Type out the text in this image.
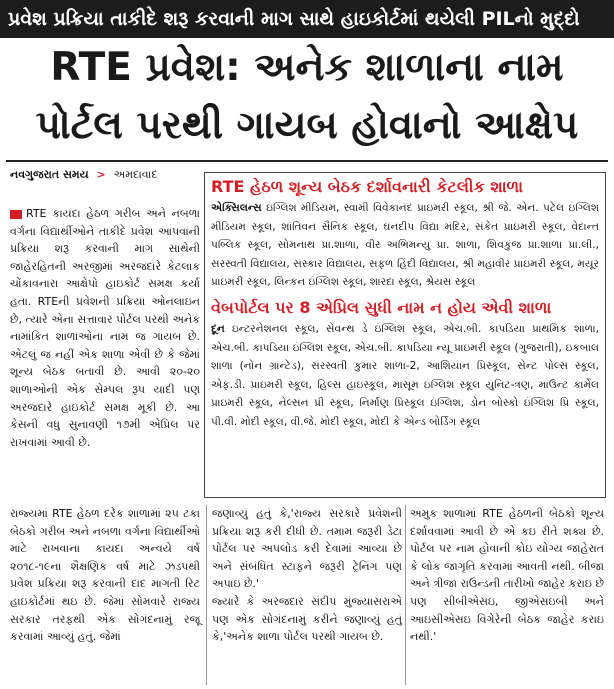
પ્રવેશ પ્રક્રિયા તાકીદે શરૂ કરવાની માગ સાથે હાઇકોર્ટમાં થયેલી PILનો મુદ્દો
RTE પ્રવેશ: અનેક શાળાના નામ
પોર્ટલ પરથી ગાયબ હોવાનો આક્ષેપ
નવગુજરાત સમય > અમદાવાદ

RTE કાયદા હેઠળ ગરીબ અને નબળા વર્ગના વિદ્યાર્થીઓને તાકીદે પ્રવેશ આપવાની પ્રક્રિયા શરૂ કરવાની માગ સાથેની જાહેરહિતની અરજીમાં અરજદારે કેટલાક ચોંકાવનારા આક્ષેપો હાઇકોર્ટ સમક્ષ કર્યા હતા. RTEની પ્રવેશની પ્રક્રિયા ઓનલાઇન છે, ત્યારે એના સત્તાવાર પોર્ટલ પરથી અનેક નામાંકિત શાળાઓના નામ જ ગાયબ છે. એટલું જ નહીં એક શાળા એવી છે કે જેમાં શૂન્ય બેઠક બતાવી છે. આવી ૨૦-૨૦ શાળાઓની એક સેમ્પલ રૂપ યાદી પણ અરજદારે હાઇકોર્ટ સમક્ષ મૂકી છે. આ કેસની વધુ સુનાવણી ૧૭મી એપ્રિલ પર રાખવામાં આવી છે.

RTE હેઠળ શૂન્ય બેઠક દર્શાવનારી કેટલીક શાળા
એક્સિલન્સ ઇંગ્લિશ મીડિયમ, સ્વામી વિવેકાનંદ પ્રાઇમરી સ્કૂલ, શ્રી જે. એન. પટેલ ઇંગ્લિશ મીડિયમ સ્કૂલ, શાંતિવન સૈનિક સ્કૂલ, ઘનદીપ વિદ્યા મંદિર, સંકેત પ્રાઇમરી સ્કૂલ, વેદાન્ત પબ્લિક સ્કૂલ, સોમનાથ પ્રા.શાળા, વીર અભિમન્યુ પ્રા. શાળા, શિવકુંજ પ્રા.શાળા પ્રા.લી., સરસ્વતી વિદ્યાલય, સંસ્કાર વિદ્યાલય, સફળ હિંદી વિદ્યાલય, શ્રી મહાવીર પ્રાઇમરી સ્કૂલ, મયૂર પ્રાઇમરી સ્કૂલ, લિન્કન ઇંગ્લિશ સ્કૂલ, શારદા સ્કૂલ, શ્રેયસ સ્કૂલ
વેબપોર્ટલ પર 8 એપ્રિલ સુધી નામ ન હોય એવી શાળા
દૂન ઇન્ટરનેશનલ સ્કૂલ, સેવન્થ ડે ઇંગ્લિશ સ્કૂલ, એચ.બી. કાપડિયા પ્રાથમિક શાળા, એચ.બી. કાપડિયા ઇંગ્લિશ સ્કૂલ, એચ.બી. કાપડિયા ન્યૂ પ્રાઇમરી સ્કૂલ (ગુજરાતી), ઇકબાલ શાળા (નોન ગ્રાન્ટેડ), સરસ્વતી કુમાર શાળા-2, આશિયાન પ્રિસ્કૂલ, સેન્ટ પોલ્સ સ્કૂલ, એફ.ડી. પ્રાઇમરી સ્કૂલ, હિલ્સ હાઇસ્કૂલ, માસૂમ ઇંગ્લિશ સ્કૂલ યુનિટ-ત્રણ, માઉન્ટ કાર્મેલ પ્રાઇમરી સ્કૂલ, નેલ્સન પ્રી સ્કૂલ, નિર્માણ પ્રિસ્કૂલ ઇંગ્લિશ, ડોન બોસ્કો ઇંગ્લિશ પ્રિ સ્કૂલ, પી.વી. મોદી સ્કૂલ, વી.જે. મોદી સ્કૂલ, મોદી કે એન્ડ બોર્ડિંગ સ્કૂલ

રાજ્યમાં RTE હેઠળ દરેક શાળામાં ૨૫ ટકા બેઠકો ગરીબ અને નબળા વર્ગના વિદ્યાર્થીઓ માટે રાખવાના કાયદા અન્વયે વર્ષ ૨૦૧૮-૧૯ના શૈક્ષણિક વર્ષ માટે ઝડપથી પ્રવેશ પ્રક્રિયા શરૂ કરવાની દાદ માગતી રિટ હાઇકોર્ટમાં થઇ છે. જેમાં સોમવારે રાજ્ય સરકાર તરફથી એક સોગંદનામું રજૂ કરવામાં આવ્યું હતું. જેમાં

જણાવ્યું હતું કે,'રાજ્ય સરકારે પ્રવેશની પ્રક્રિયા શરૂ કરી દીધી છે. તમામ જરૂરી ડેટા પોર્ટલ પર અપલોડ કરી દેવામાં આવ્યા છે અને સંબંધિત સ્ટાફને જરૂરી ટ્રેનિંગ પણ અપાઇ છે.'

જ્યારે કે અરજદાર સંદીપ મુંજ્યાસરાએ પણ એક સોગંદનામું કરીને જણાવ્યું હતું કે,'અનેક શાળા પોર્ટલ પરથી ગાયબ છે.

અમુક શાળામાં RTE હેઠળની બેઠકો શૂન્ય દર્શાવવામાં આવી છે એ કઇ રીતે શક્ય છે. પોર્ટલ પર નામ હોવાની કોઇ યોગ્ય જાહેરાત કે લોક જાગૃતિ કરવામાં આવતી નથી. બીજા અને ત્રીજા રાઉન્ડની તારીખો જાહેર કરાઇ છે પણ સીબીએસઇ, જીએસઇબી અને આઇસીએસઇ વિગેરેની બેઠક જાહેર કરાઇ નથી.'
